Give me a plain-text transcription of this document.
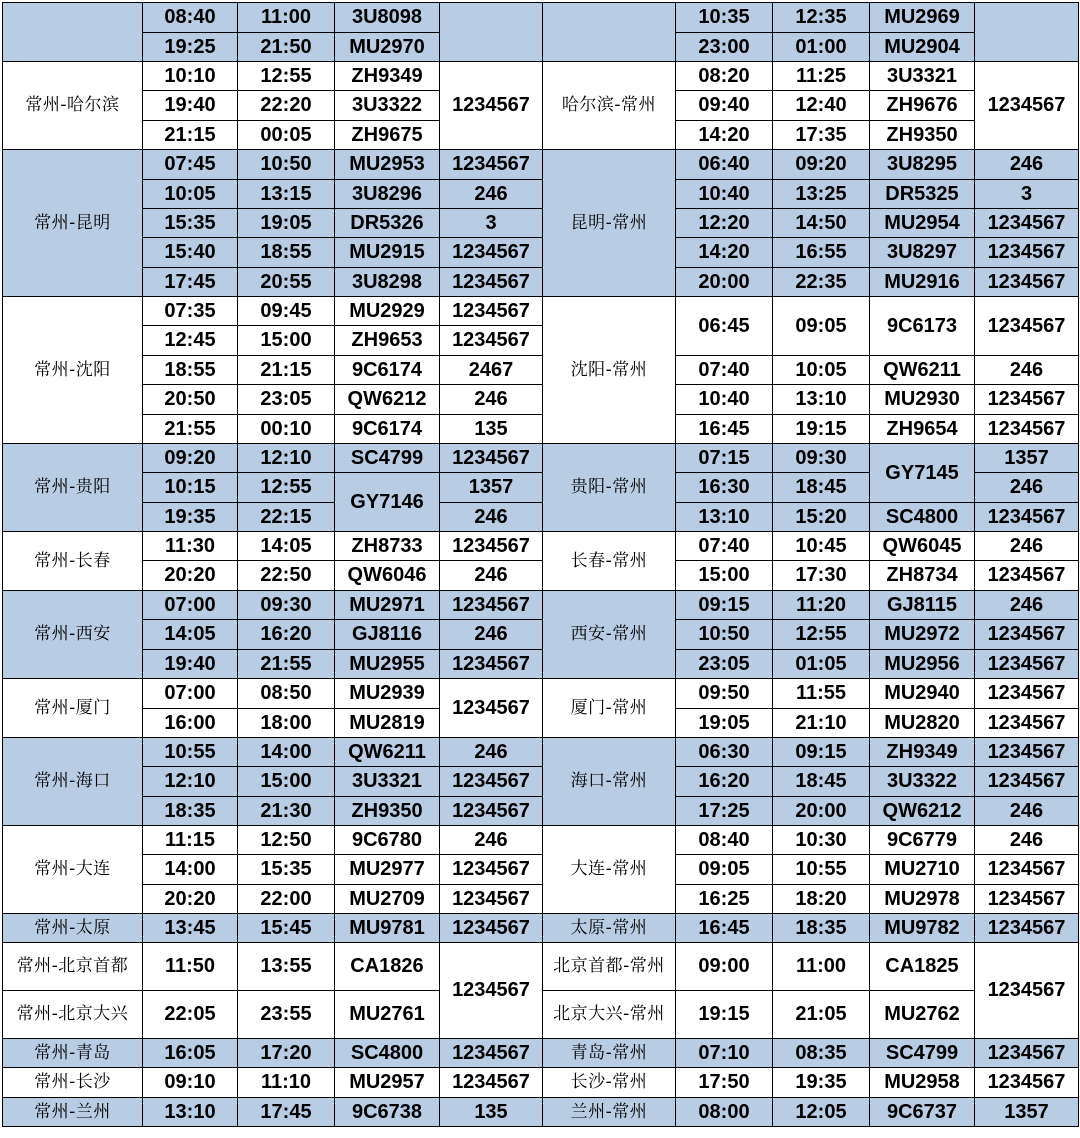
	08:40	11:00	3U8098			10:35	12:35	MU2969	
	19:25	21:50	MU2970			23:00	01:00	MU2904	
常州-哈尔滨	10:10	12:55	ZH9349	1234567	哈尔滨-常州	08:20	11:25	3U3321	1234567
	19:40	22:20	3U3322			09:40	12:40	ZH9676	
	21:15	00:05	ZH9675			14:20	17:35	ZH9350	
常州-昆明	07:45	10:50	MU2953	1234567	昆明-常州	06:40	09:20	3U8295	246
	10:05	13:15	3U8296	246		10:40	13:25	DR5325	3
	15:35	19:05	DR5326	3		12:20	14:50	MU2954	1234567
	15:40	18:55	MU2915	1234567		14:20	16:55	3U8297	1234567
	17:45	20:55	3U8298	1234567		20:00	22:35	MU2916	1234567
常州-沈阳	07:35	09:45	MU2929	1234567	沈阳-常州	06:45	09:05	9C6173	1234567
	12:45	15:00	ZH9653	1234567					
	18:55	21:15	9C6174	2467		07:40	10:05	QW6211	246
	20:50	23:05	QW6212	246		10:40	13:10	MU2930	1234567
	21:55	00:10	9C6174	135		16:45	19:15	ZH9654	1234567
常州-贵阳	09:20	12:10	SC4799	1234567	贵阳-常州	07:15	09:30	GY7145	1357
	10:15	12:55	GY7146	1357		16:30	18:45		246
	19:35	22:15		246		13:10	15:20	SC4800	1234567
常州-长春	11:30	14:05	ZH8733	1234567	长春-常州	07:40	10:45	QW6045	246
	20:20	22:50	QW6046	246		15:00	17:30	ZH8734	1234567
常州-西安	07:00	09:30	MU2971	1234567	西安-常州	09:15	11:20	GJ8115	246
	14:05	16:20	GJ8116	246		10:50	12:55	MU2972	1234567
	19:40	21:55	MU2955	1234567		23:05	01:05	MU2956	1234567
常州-厦门	07:00	08:50	MU2939	1234567	厦门-常州	09:50	11:55	MU2940	1234567
	16:00	18:00	MU2819			19:05	21:10	MU2820	1234567
常州-海口	10:55	14:00	QW6211	246	海口-常州	06:30	09:15	ZH9349	1234567
	12:10	15:00	3U3321	1234567		16:20	18:45	3U3322	1234567
	18:35	21:30	ZH9350	1234567		17:25	20:00	QW6212	246
常州-大连	11:15	12:50	9C6780	246	大连-常州	08:40	10:30	9C6779	246
	14:00	15:35	MU2977	1234567		09:05	10:55	MU2710	1234567
	20:20	22:00	MU2709	1234567		16:25	18:20	MU2978	1234567
常州-太原	13:45	15:45	MU9781	1234567	太原-常州	16:45	18:35	MU9782	1234567
常州-北京首都	11:50	13:55	CA1826	1234567	北京首都-常州	09:00	11:00	CA1825	1234567
常州-北京大兴	22:05	23:55	MU2761		北京大兴-常州	19:15	21:05	MU2762	
常州-青岛	16:05	17:20	SC4800	1234567	青岛-常州	07:10	08:35	SC4799	1234567
常州-长沙	09:10	11:10	MU2957	1234567	长沙-常州	17:50	19:35	MU2958	1234567
常州-兰州	13:10	17:45	9C6738	135	兰州-常州	08:00	12:05	9C6737	1357
